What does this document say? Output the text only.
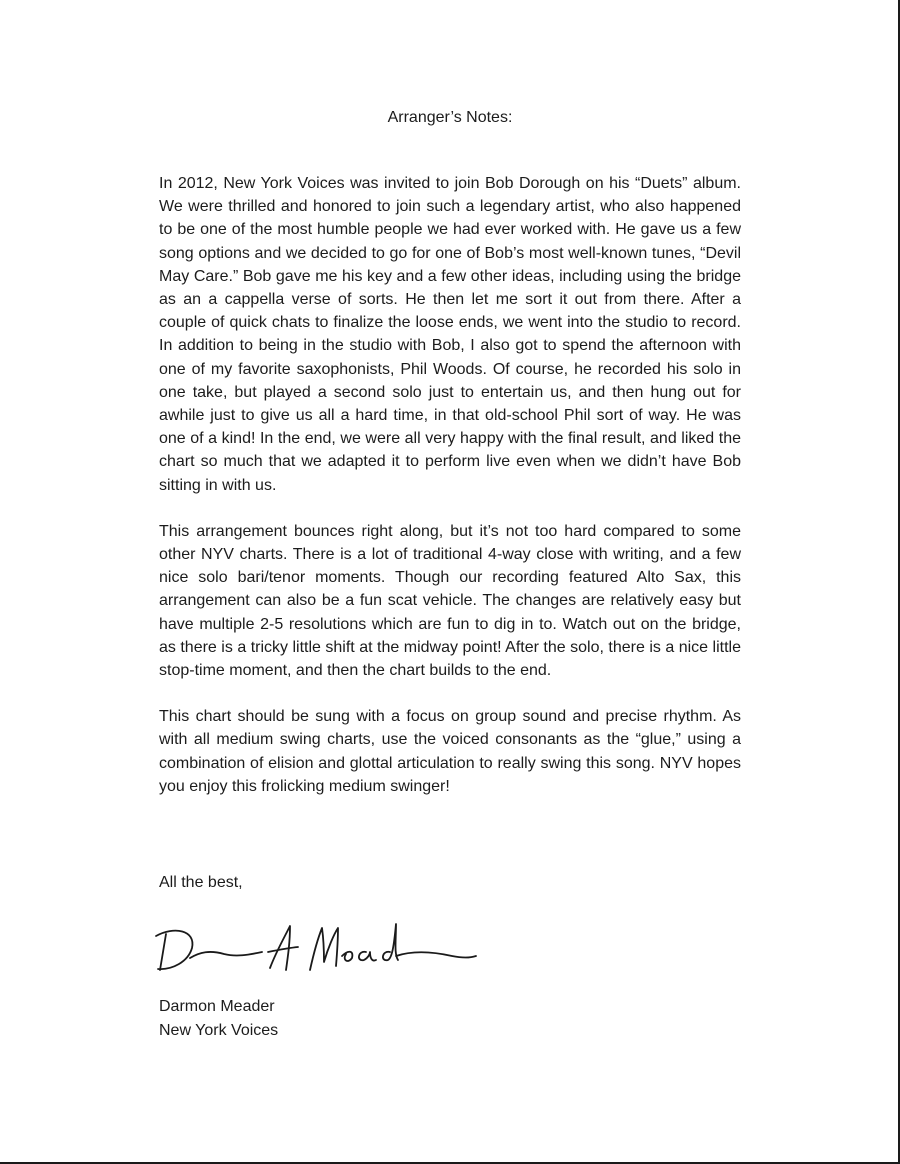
Arranger’s Notes:

In 2012, New York Voices was invited to join Bob Dorough on his “Duets” album. We were thrilled and honored to join such a legendary artist, who also happened to be one of the most humble people we had ever worked with. He gave us a few song options and we decided to go for one of Bob’s most well-known tunes, “Devil May Care.” Bob gave me his key and a few other ideas, including using the bridge as an a cappella verse of sorts. He then let me sort it out from there. After a couple of quick chats to finalize the loose ends, we went into the studio to record. In addition to being in the studio with Bob, I also got to spend the afternoon with one of my favorite saxophonists, Phil Woods. Of course, he recorded his solo in one take, but played a second solo just to entertain us, and then hung out for awhile just to give us all a hard time, in that old-school Phil sort of way. He was one of a kind! In the end, we were all very happy with the final result, and liked the chart so much that we adapted it to perform live even when we didn’t have Bob sitting in with us.

This arrangement bounces right along, but it’s not too hard compared to some other NYV charts. There is a lot of traditional 4-way close with writing, and a few nice solo bari/tenor moments. Though our recording featured Alto Sax, this arrangement can also be a fun scat vehicle. The changes are relatively easy but have multiple 2-5 resolutions which are fun to dig in to. Watch out on the bridge, as there is a tricky little shift at the midway point! After the solo, there is a nice little stop-time moment, and then the chart builds to the end.

This chart should be sung with a focus on group sound and precise rhythm. As with all medium swing charts, use the voiced consonants as the “glue,” using a combination of elision and glottal articulation to really swing this song. NYV hopes you enjoy this frolicking medium swinger!

All the best,
Darmon Meader
New York Voices
